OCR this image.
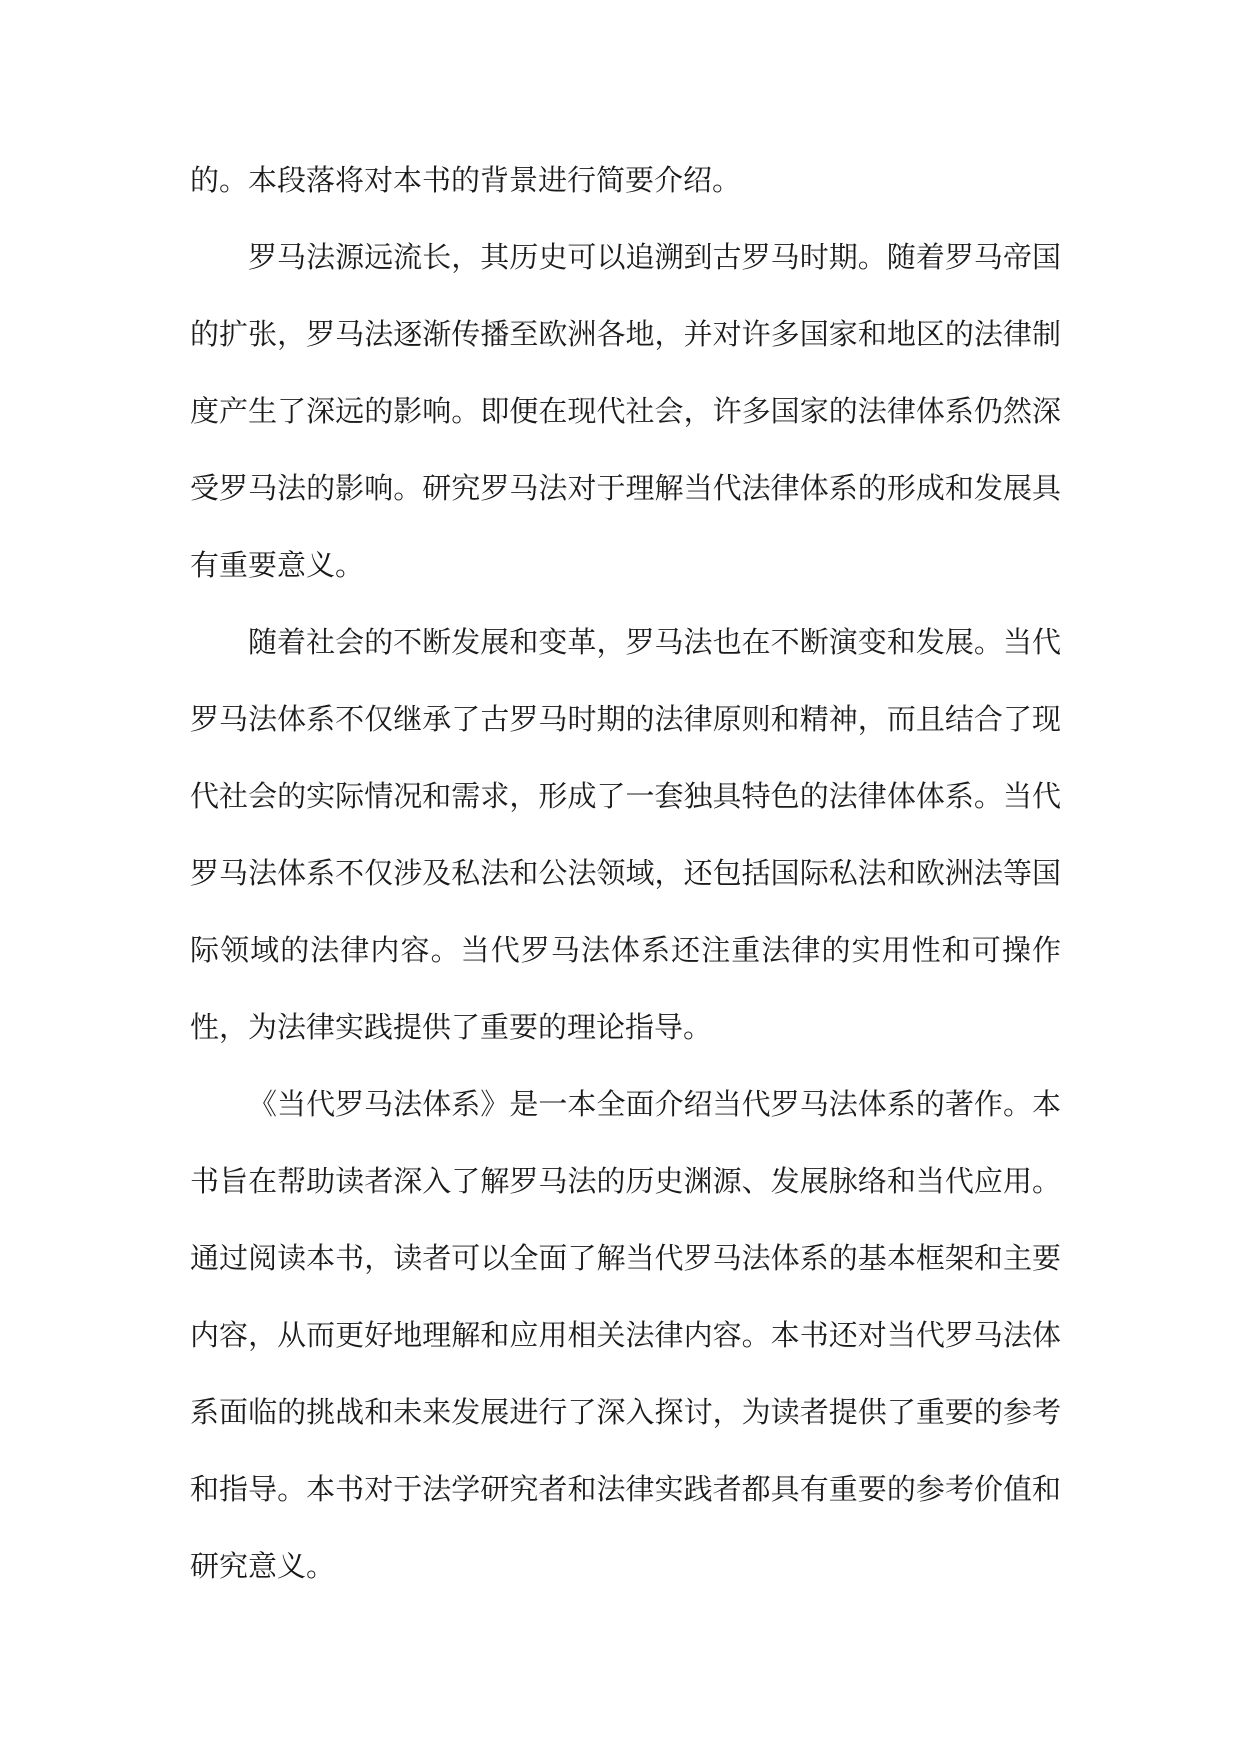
的。本段落将对本书的背景进行简要介绍。

罗马法源远流长，其历史可以追溯到古罗马时期。随着罗马帝国的扩张，罗马法逐渐传播至欧洲各地，并对许多国家和地区的法律制度产生了深远的影响。即便在现代社会，许多国家的法律体系仍然深受罗马法的影响。研究罗马法对于理解当代法律体系的形成和发展具有重要意义。

随着社会的不断发展和变革，罗马法也在不断演变和发展。当代罗马法体系不仅继承了古罗马时期的法律原则和精神，而且结合了现代社会的实际情况和需求，形成了一套独具特色的法律体体系。当代罗马法体系不仅涉及私法和公法领域，还包括国际私法和欧洲法等国际领域的法律内容。当代罗马法体系还注重法律的实用性和可操作性，为法律实践提供了重要的理论指导。

《当代罗马法体系》是一本全面介绍当代罗马法体系的著作。本书旨在帮助读者深入了解罗马法的历史渊源、发展脉络和当代应用。通过阅读本书，读者可以全面了解当代罗马法体系的基本框架和主要内容，从而更好地理解和应用相关法律内容。本书还对当代罗马法体系面临的挑战和未来发展进行了深入探讨，为读者提供了重要的参考和指导。本书对于法学研究者和法律实践者都具有重要的参考价值和研究意义。
